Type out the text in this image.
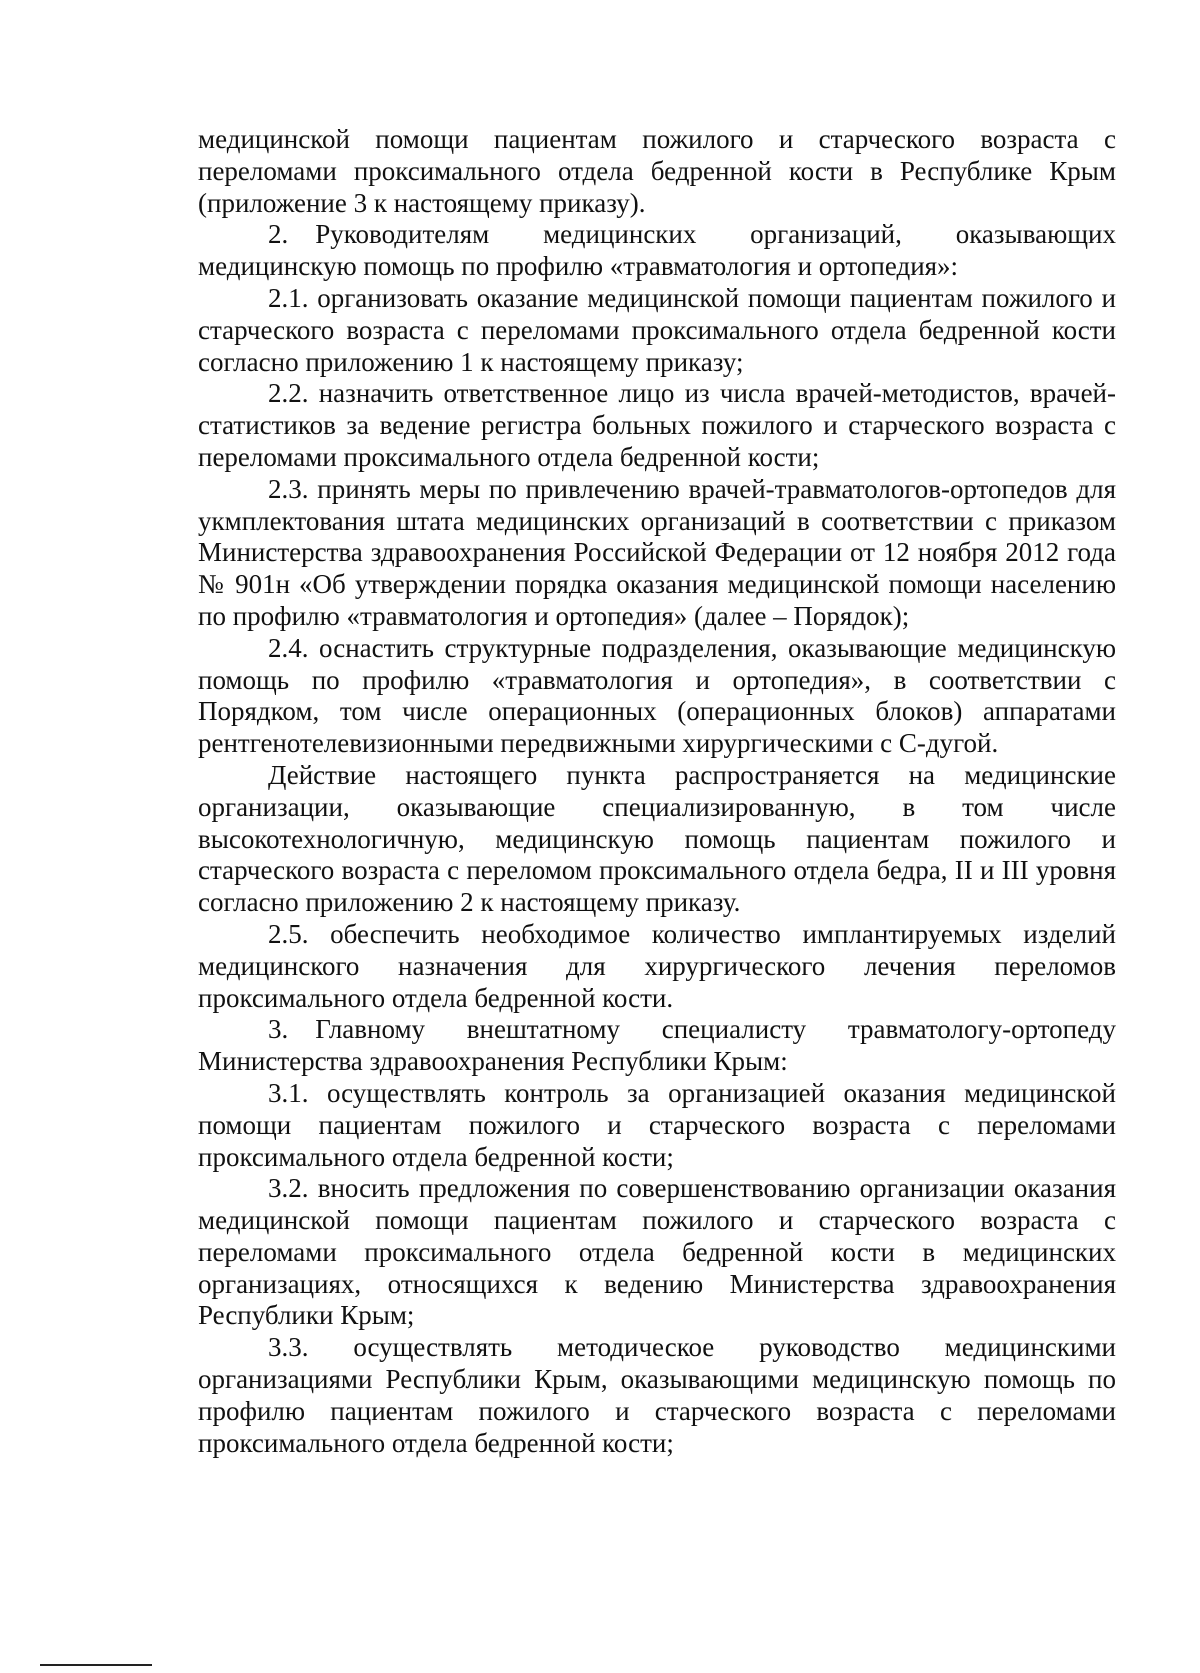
медицинской помощи пациентам пожилого и старческого возраста с переломами проксимального отдела бедренной кости в Республике Крым (приложение 3 к настоящему приказу).

2. Руководителям медицинских организаций, оказывающих медицинскую помощь по профилю «травматология и ортопедия»:

2.1. организовать оказание медицинской помощи пациентам пожилого и старческого возраста с переломами проксимального отдела бедренной кости согласно приложению 1 к настоящему приказу;

2.2. назначить ответственное лицо из числа врачей-методистов, врачей- статистиков за ведение регистра больных пожилого и старческого возраста с переломами проксимального отдела бедренной кости;

2.3. принять меры по привлечению врачей-травматологов-ортопедов для укмплектования штата медицинских организаций в соответствии с приказом Министерства здравоохранения Российской Федерации от 12 ноября 2012 года № 901н «Об утверждении порядка оказания медицинской помощи населению по профилю «травматология и ортопедия» (далее – Порядок);

2.4. оснастить структурные подразделения, оказывающие медицинскую помощь по профилю «травматология и ортопедия», в соответствии с Порядком, том числе операционных (операционных блоков) аппаратами рентгенотелевизионными передвижными хирургическими с С-дугой.

Действие настоящего пункта распространяется на медицинские организации, оказывающие специализированную, в том числе высокотехнологичную, медицинскую помощь пациентам пожилого и старческого возраста с переломом проксимального отдела бедра, II и III уровня согласно приложению 2 к настоящему приказу.

2.5. обеспечить необходимое количество имплантируемых изделий медицинского назначения для хирургического лечения переломов проксимального отдела бедренной кости.

3. Главному внештатному специалисту травматологу-ортопеду Министерства здравоохранения Республики Крым:

3.1. осуществлять контроль за организацией оказания медицинской помощи пациентам пожилого и старческого возраста с переломами проксимального отдела бедренной кости;

3.2. вносить предложения по совершенствованию организации оказания медицинской помощи пациентам пожилого и старческого возраста с переломами проксимального отдела бедренной кости в медицинских организациях, относящихся к ведению Министерства здравоохранения Республики Крым;

3.3. осуществлять методическое руководство медицинскими организациями Республики Крым, оказывающими медицинскую помощь по профилю пациентам пожилого и старческого возраста с переломами проксимального отдела бедренной кости;
